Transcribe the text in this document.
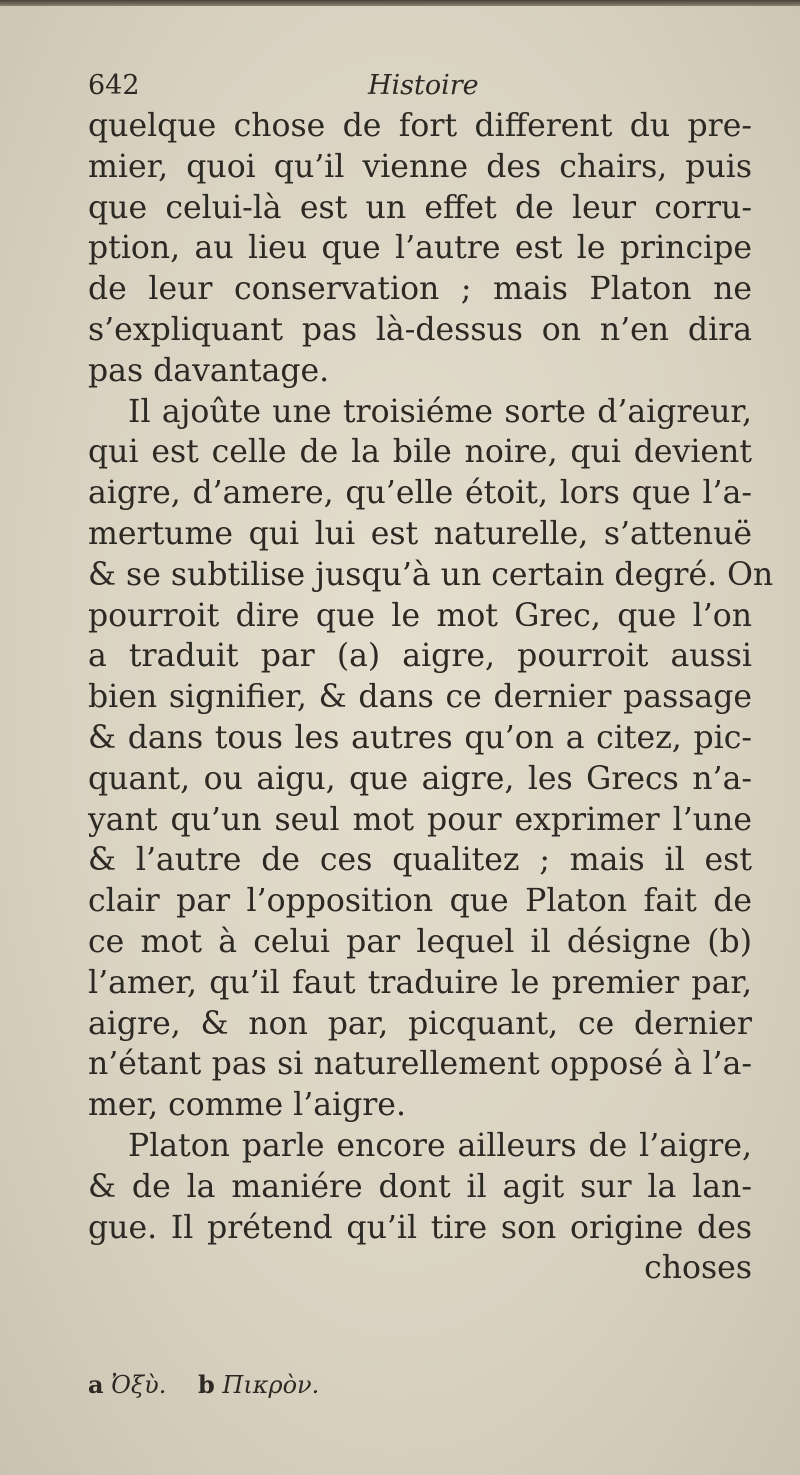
642	Histoire
quelque chose de fort different du pre-
mier, quoi qu’il vienne des chairs, puis
que celui-là est un effet de leur corru-
ption, au lieu que l’autre est le principe
de leur conservation ; mais Platon ne
s’expliquant pas là-dessus on n’en dira
pas davantage.
Il ajoûte une troisiéme sorte d’aigreur,
qui est celle de la bile noire, qui devient
aigre, d’amere, qu’elle étoit, lors que l’a-
mertume qui lui est naturelle, s’attenuë
& se subtilise jusqu’à un certain degré. On
pourroit dire que le mot Grec, que l’on
a traduit par (a) aigre, pourroit aussi
bien signifier, & dans ce dernier passage
& dans tous les autres qu’on a citez, pic-
quant, ou aigu, que aigre, les Grecs n’a-
yant qu’un seul mot pour exprimer l’une
& l’autre de ces qualitez ; mais il est
clair par l’opposition que Platon fait de
ce mot à celui par lequel il désigne (b)
l’amer, qu’il faut traduire le premier par,
aigre, & non par, picquant, ce dernier
n’étant pas si naturellement opposé à l’a-
mer, comme l’aigre.
Platon parle encore ailleurs de l’aigre,
& de la maniére dont il agit sur la lan-
gue. Il prétend qu’il tire son origine des
choses
a Ὀξὺ. b Πικρὸν.
